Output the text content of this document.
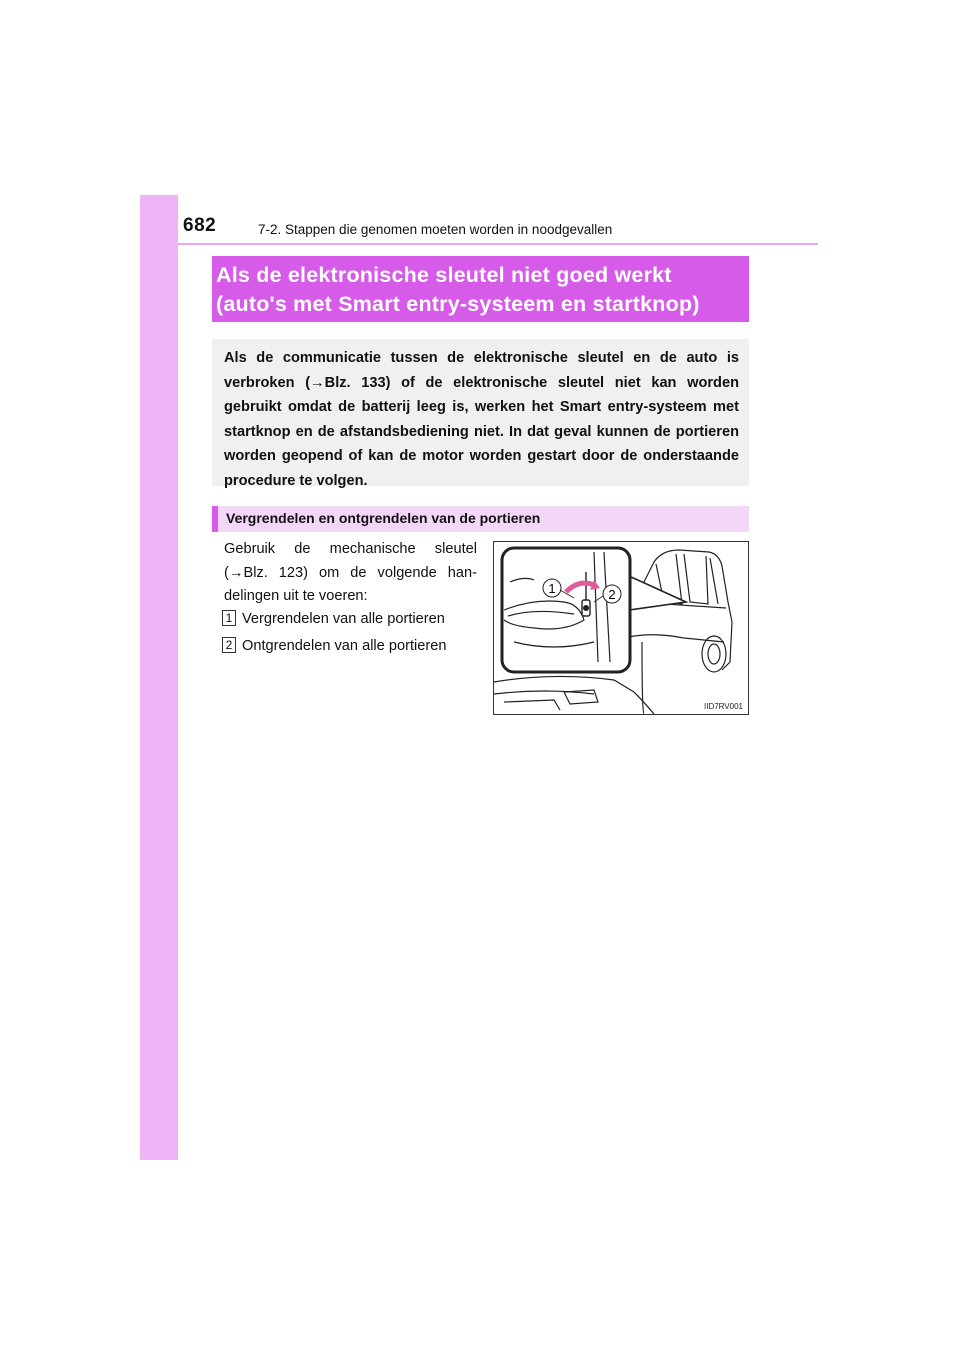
682	7-2. Stappen die genomen moeten worden in noodgevallen
Als de elektronische sleutel niet goed werkt
(auto's met Smart entry-systeem en startknop)
Als de communicatie tussen de elektronische sleutel en de auto is verbroken (→Blz. 133) of de elektronische sleutel niet kan worden gebruikt omdat de batterij leeg is, werken het Smart entry-systeem met startknop en de afstandsbediening niet. In dat geval kunnen de portieren worden geopend of kan de motor worden gestart door de onderstaande procedure te volgen.
Vergrendelen en ontgrendelen van de portieren
Gebruik de mechanische sleutel (→Blz. 123) om de volgende han-delingen uit te voeren:
1 Vergrendelen van alle portieren
2 Ontgrendelen van alle portieren
1	2
IID7RV001
